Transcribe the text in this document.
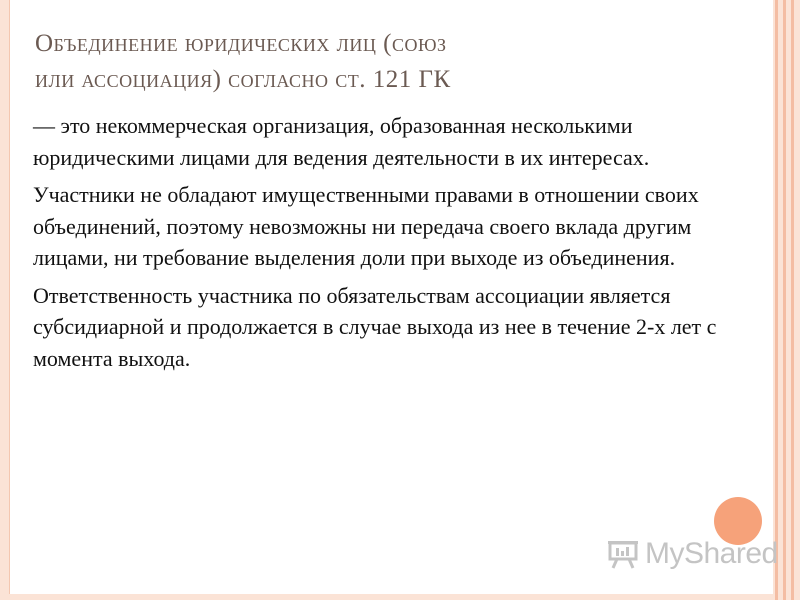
Объединение юридических лиц (союз
или ассоциация) согласно ст. 121 ГК

— это некоммерческая организация, образованная несколькими юридическими лицами для ведения деятельности в их интересах.

Участники не обладают имущественными правами в отношении своих объединений, поэтому невозможны ни передача своего вклада другим лицами, ни требование выделения доли при выходе из объединения.

Ответственность участника по обязательствам ассоциации является субсидиарной и продолжается в случае выхода из нее в течение 2-х лет с момента выхода.

MyShared
